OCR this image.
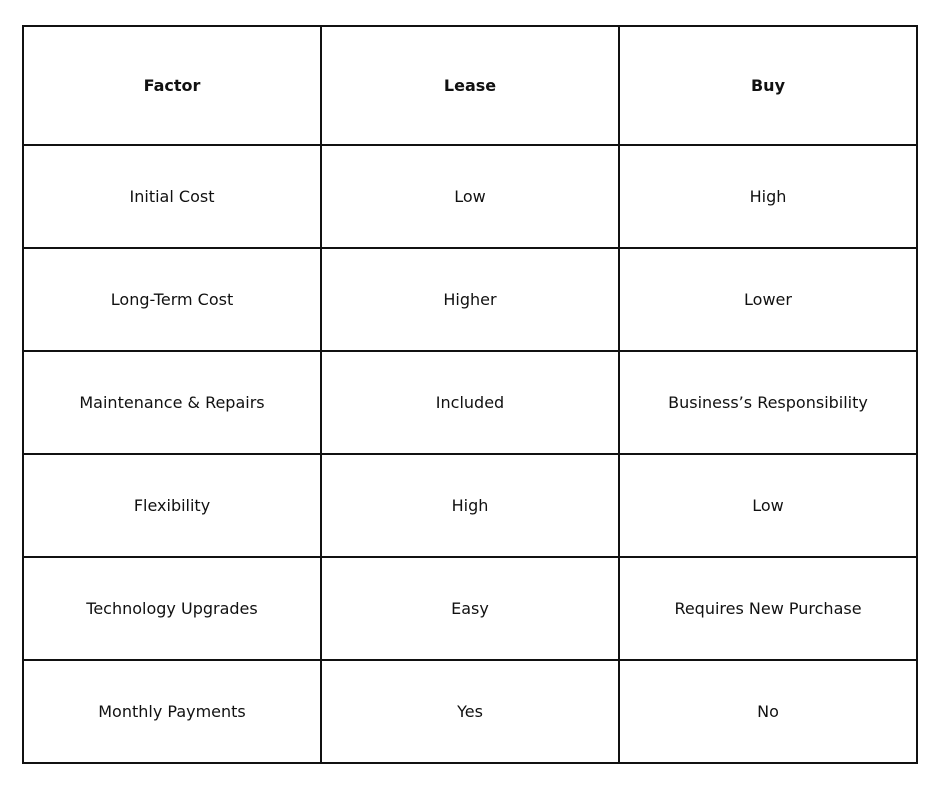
Factor	Lease	Buy
Initial Cost	Low	High
Long-Term Cost	Higher	Lower
Maintenance & Repairs	Included	Business’s Responsibility
Flexibility	High	Low
Technology Upgrades	Easy	Requires New Purchase
Monthly Payments	Yes	No
